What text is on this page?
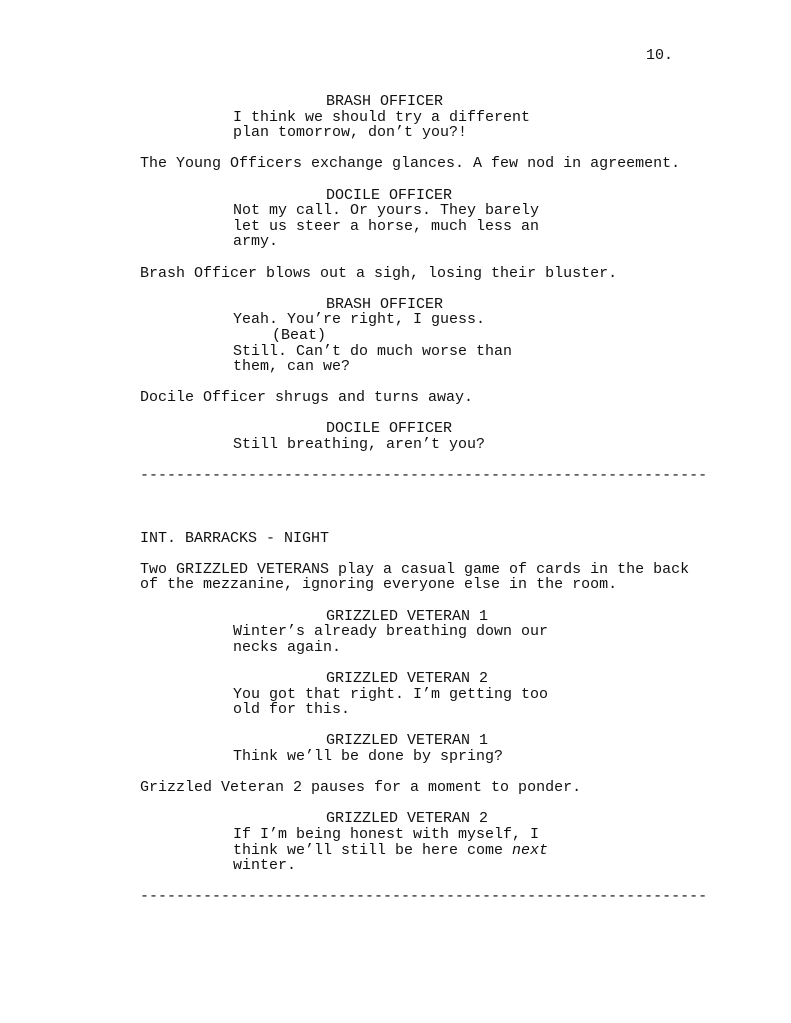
10.
BRASH OFFICER
I think we should try a different
plan tomorrow, don’t you?!
The Young Officers exchange glances. A few nod in agreement.
DOCILE OFFICER
Not my call. Or yours. They barely
let us steer a horse, much less an
army.
Brash Officer blows out a sigh, losing their bluster.
BRASH OFFICER
Yeah. You’re right, I guess.
(Beat)
Still. Can’t do much worse than
them, can we?
Docile Officer shrugs and turns away.
DOCILE OFFICER
Still breathing, aren’t you?
---------------------------------------------------------------
INT. BARRACKS - NIGHT
Two GRIZZLED VETERANS play a casual game of cards in the back
of the mezzanine, ignoring everyone else in the room.
GRIZZLED VETERAN 1
Winter’s already breathing down our
necks again.
GRIZZLED VETERAN 2
You got that right. I’m getting too
old for this.
GRIZZLED VETERAN 1
Think we’ll be done by spring?
Grizzled Veteran 2 pauses for a moment to ponder.
GRIZZLED VETERAN 2
If I’m being honest with myself, I
think we’ll still be here come next
winter.
---------------------------------------------------------------
